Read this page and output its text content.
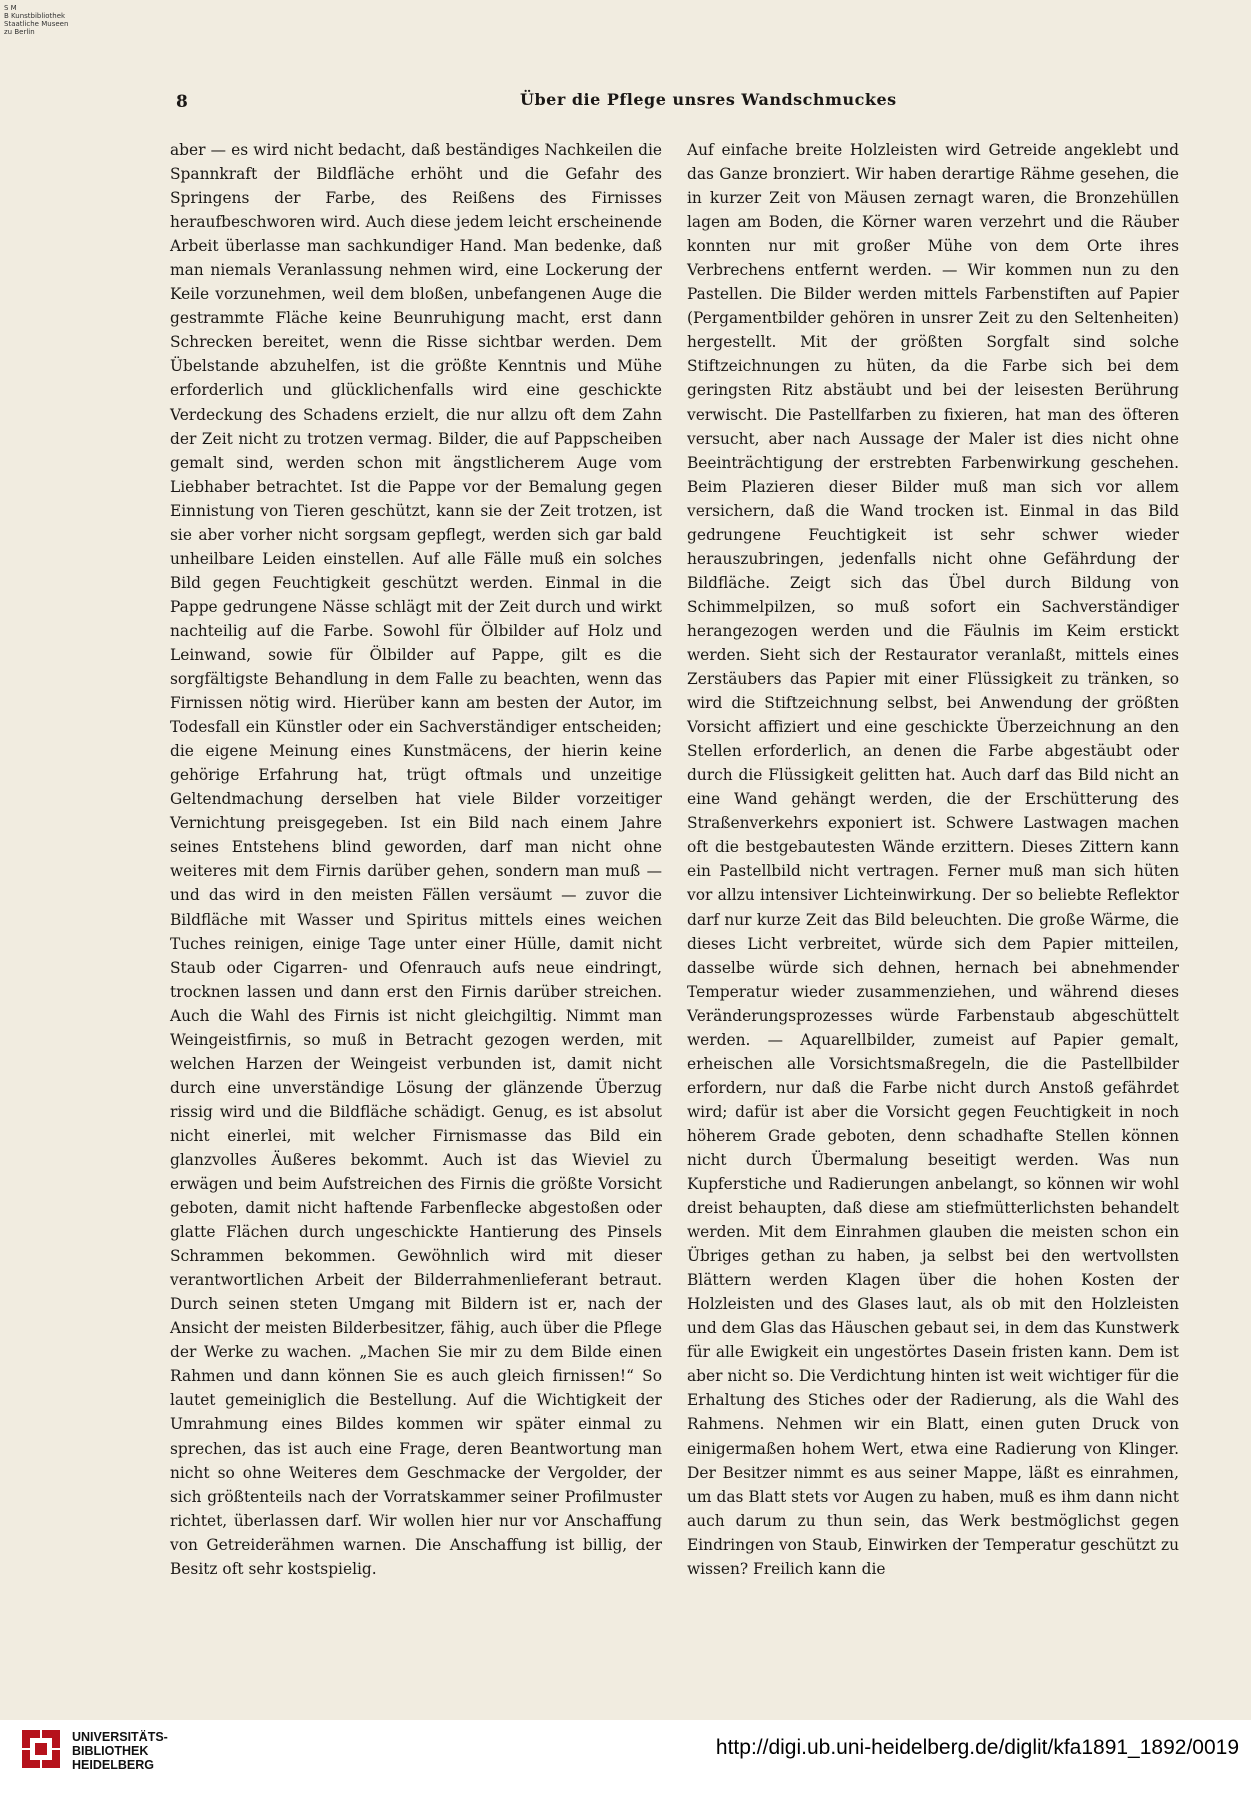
S M
B Kunstbibliothek
Staatliche Museen
zu Berlin
8	Über die Pflege unsres Wandschmuckes
aber — es wird nicht bedacht, daß beständiges Nachkeilen die Spannkraft der Bildfläche erhöht und die Gefahr des Springens der Farbe, des Reißens des Firnisses heraufbeschworen wird. Auch diese jedem leicht erscheinende Arbeit überlasse man sachkundiger Hand. Man bedenke, daß man niemals Veranlassung nehmen wird, eine Lockerung der Keile vorzunehmen, weil dem bloßen, unbefangenen Auge die gestrammte Fläche keine Beunruhigung macht, erst dann Schrecken bereitet, wenn die Risse sichtbar werden. Dem Übelstande abzuhelfen, ist die größte Kenntnis und Mühe erforderlich und glücklichenfalls wird eine geschickte Verdeckung des Schadens erzielt, die nur allzu oft dem Zahn der Zeit nicht zu trotzen vermag. Bilder, die auf Pappscheiben gemalt sind, werden schon mit ängstlicherem Auge vom Liebhaber betrachtet. Ist die Pappe vor der Bemalung gegen Einnistung von Tieren geschützt, kann sie der Zeit trotzen, ist sie aber vorher nicht sorgsam gepflegt, werden sich gar bald unheilbare Leiden einstellen. Auf alle Fälle muß ein solches Bild gegen Feuchtigkeit geschützt werden. Einmal in die Pappe gedrungene Nässe schlägt mit der Zeit durch und wirkt nachteilig auf die Farbe. Sowohl für Ölbilder auf Holz und Leinwand, sowie für Ölbilder auf Pappe, gilt es die sorgfältigste Behandlung in dem Falle zu beachten, wenn das Firnissen nötig wird. Hierüber kann am besten der Autor, im Todesfall ein Künstler oder ein Sachverständiger entscheiden; die eigene Meinung eines Kunstmäcens, der hierin keine gehörige Erfahrung hat, trügt oftmals und unzeitige Geltendmachung derselben hat viele Bilder vorzeitiger Vernichtung preisgegeben. Ist ein Bild nach einem Jahre seines Entstehens blind geworden, darf man nicht ohne weiteres mit dem Firnis darüber gehen, sondern man muß — und das wird in den meisten Fällen versäumt — zuvor die Bildfläche mit Wasser und Spiritus mittels eines weichen Tuches reinigen, einige Tage unter einer Hülle, damit nicht Staub oder Cigarren- und Ofenrauch aufs neue eindringt, trocknen lassen und dann erst den Firnis darüber streichen. Auch die Wahl des Firnis ist nicht gleichgiltig. Nimmt man Weingeistfirnis, so muß in Betracht gezogen werden, mit welchen Harzen der Weingeist verbunden ist, damit nicht durch eine unverständige Lösung der glänzende Überzug rissig wird und die Bildfläche schädigt. Genug, es ist absolut nicht einerlei, mit welcher Firnismasse das Bild ein glanzvolles Äußeres bekommt. Auch ist das Wieviel zu erwägen und beim Aufstreichen des Firnis die größte Vorsicht geboten, damit nicht haftende Farbenflecke abgestoßen oder glatte Flächen durch ungeschickte Hantierung des Pinsels Schrammen bekommen. Gewöhnlich wird mit dieser verantwortlichen Arbeit der Bilderrahmenlieferant betraut. Durch seinen steten Umgang mit Bildern ist er, nach der Ansicht der meisten Bilderbesitzer, fähig, auch über die Pflege der Werke zu wachen. „Machen Sie mir zu dem Bilde einen Rahmen und dann können Sie es auch gleich firnissen!“ So lautet gemeiniglich die Bestellung. Auf die Wichtigkeit der Umrahmung eines Bildes kommen wir später einmal zu sprechen, das ist auch eine Frage, deren Beantwortung man nicht so ohne Weiteres dem Geschmacke der Vergolder, der sich größtenteils nach der Vorratskammer seiner Profilmuster richtet, überlassen darf. Wir wollen hier nur vor Anschaffung von Getreiderähmen warnen. Die Anschaffung ist billig, der Besitz oft sehr kostspielig.
Auf einfache breite Holzleisten wird Getreide angeklebt und das Ganze bronziert. Wir haben derartige Rähme gesehen, die in kurzer Zeit von Mäusen zernagt waren, die Bronzehüllen lagen am Boden, die Körner waren verzehrt und die Räuber konnten nur mit großer Mühe von dem Orte ihres Verbrechens entfernt werden. — Wir kommen nun zu den Pastellen. Die Bilder werden mittels Farbenstiften auf Papier (Pergamentbilder gehören in unsrer Zeit zu den Seltenheiten) hergestellt. Mit der größten Sorgfalt sind solche Stiftzeichnungen zu hüten, da die Farbe sich bei dem geringsten Ritz abstäubt und bei der leisesten Berührung verwischt. Die Pastellfarben zu fixieren, hat man des öfteren versucht, aber nach Aussage der Maler ist dies nicht ohne Beeinträchtigung der erstrebten Farbenwirkung geschehen. Beim Plazieren dieser Bilder muß man sich vor allem versichern, daß die Wand trocken ist. Einmal in das Bild gedrungene Feuchtigkeit ist sehr schwer wieder herauszubringen, jedenfalls nicht ohne Gefährdung der Bildfläche. Zeigt sich das Übel durch Bildung von Schimmelpilzen, so muß sofort ein Sachverständiger herangezogen werden und die Fäulnis im Keim erstickt werden. Sieht sich der Restaurator veranlaßt, mittels eines Zerstäubers das Papier mit einer Flüssigkeit zu tränken, so wird die Stiftzeichnung selbst, bei Anwendung der größten Vorsicht affiziert und eine geschickte Überzeichnung an den Stellen erforderlich, an denen die Farbe abgestäubt oder durch die Flüssigkeit gelitten hat. Auch darf das Bild nicht an eine Wand gehängt werden, die der Erschütterung des Straßenverkehrs exponiert ist. Schwere Lastwagen machen oft die bestgebautesten Wände erzittern. Dieses Zittern kann ein Pastellbild nicht vertragen. Ferner muß man sich hüten vor allzu intensiver Lichteinwirkung. Der so beliebte Reflektor darf nur kurze Zeit das Bild beleuchten. Die große Wärme, die dieses Licht verbreitet, würde sich dem Papier mitteilen, dasselbe würde sich dehnen, hernach bei abnehmender Temperatur wieder zusammenziehen, und während dieses Veränderungsprozesses würde Farbenstaub abgeschüttelt werden. — Aquarellbilder, zumeist auf Papier gemalt, erheischen alle Vorsichtsmaßregeln, die die Pastellbilder erfordern, nur daß die Farbe nicht durch Anstoß gefährdet wird; dafür ist aber die Vorsicht gegen Feuchtigkeit in noch höherem Grade geboten, denn schadhafte Stellen können nicht durch Übermalung beseitigt werden. Was nun Kupferstiche und Radierungen anbelangt, so können wir wohl dreist behaupten, daß diese am stiefmütterlichsten behandelt werden. Mit dem Einrahmen glauben die meisten schon ein Übriges gethan zu haben, ja selbst bei den wertvollsten Blättern werden Klagen über die hohen Kosten der Holzleisten und des Glases laut, als ob mit den Holzleisten und dem Glas das Häuschen gebaut sei, in dem das Kunstwerk für alle Ewigkeit ein ungestörtes Dasein fristen kann. Dem ist aber nicht so. Die Verdichtung hinten ist weit wichtiger für die Erhaltung des Stiches oder der Radierung, als die Wahl des Rahmens. Nehmen wir ein Blatt, einen guten Druck von einigermaßen hohem Wert, etwa eine Radierung von Klinger. Der Besitzer nimmt es aus seiner Mappe, läßt es einrahmen, um das Blatt stets vor Augen zu haben, muß es ihm dann nicht auch darum zu thun sein, das Werk bestmöglichst gegen Eindringen von Staub, Einwirken der Temperatur geschützt zu wissen? Freilich kann die
UNIVERSITÄTS-
BIBLIOTHEK
HEIDELBERG
http://digi.ub.uni-heidelberg.de/diglit/kfa1891_1892/0019
